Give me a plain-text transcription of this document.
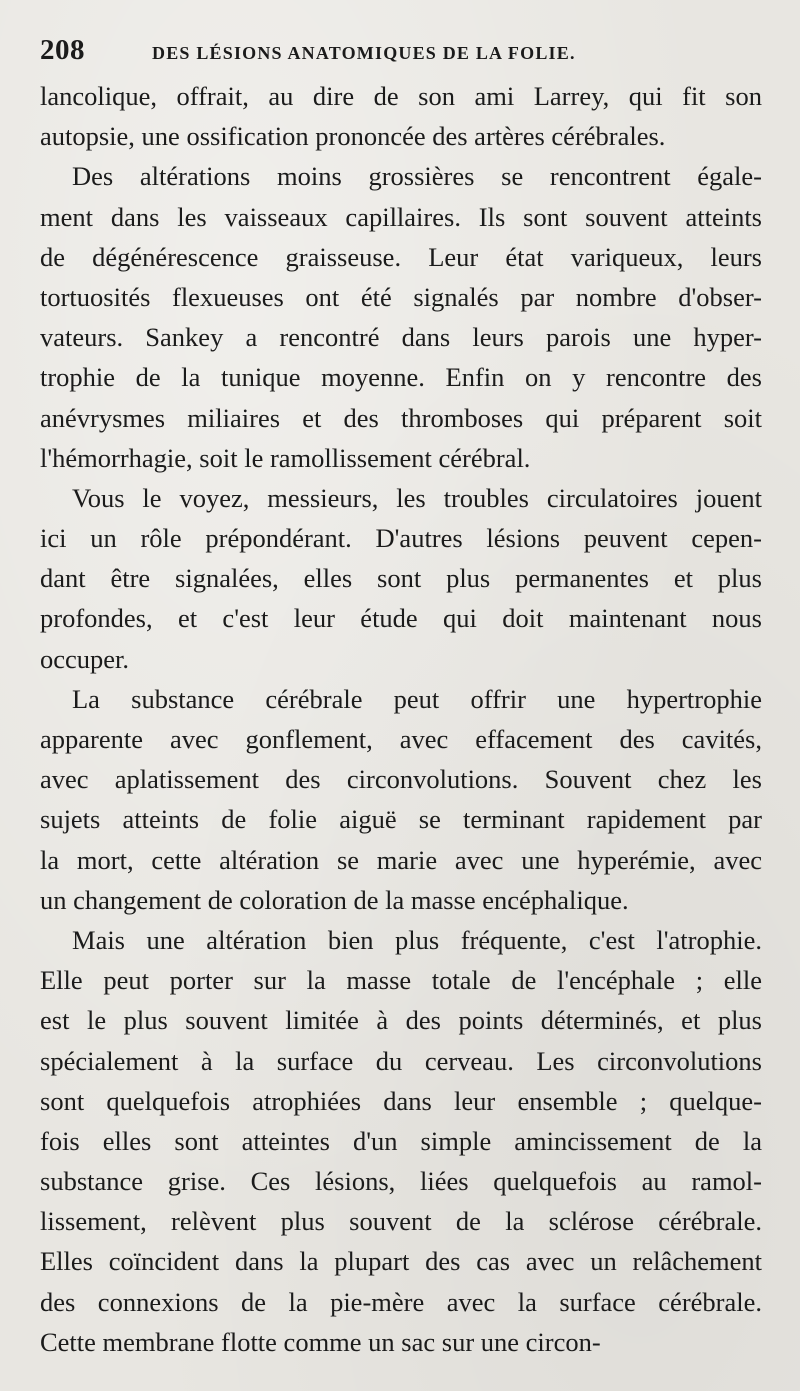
208	DES LÉSIONS ANATOMIQUES DE LA FOLIE.

lancolique, offrait, au dire de son ami Larrey, qui fit son
autopsie, une ossification prononcée des artères cérébrales.

Des altérations moins grossières se rencontrent égale-
ment dans les vaisseaux capillaires. Ils sont souvent atteints
de dégénérescence graisseuse. Leur état variqueux, leurs
tortuosités flexueuses ont été signalés par nombre d'obser-
vateurs. Sankey a rencontré dans leurs parois une hyper-
trophie de la tunique moyenne. Enfin on y rencontre des
anévrysmes miliaires et des thromboses qui préparent soit
l'hémorrhagie, soit le ramollissement cérébral.

Vous le voyez, messieurs, les troubles circulatoires jouent
ici un rôle prépondérant. D'autres lésions peuvent cepen-
dant être signalées, elles sont plus permanentes et plus
profondes, et c'est leur étude qui doit maintenant nous
occuper.

La substance cérébrale peut offrir une hypertrophie
apparente avec gonflement, avec effacement des cavités,
avec aplatissement des circonvolutions. Souvent chez les
sujets atteints de folie aiguë se terminant rapidement par
la mort, cette altération se marie avec une hyperémie, avec
un changement de coloration de la masse encéphalique.

Mais une altération bien plus fréquente, c'est l'atrophie.
Elle peut porter sur la masse totale de l'encéphale ; elle
est le plus souvent limitée à des points déterminés, et plus
spécialement à la surface du cerveau. Les circonvolutions
sont quelquefois atrophiées dans leur ensemble ; quelque-
fois elles sont atteintes d'un simple amincissement de la
substance grise. Ces lésions, liées quelquefois au ramol-
lissement, relèvent plus souvent de la sclérose cérébrale.
Elles coïncident dans la plupart des cas avec un relâchement
des connexions de la pie-mère avec la surface cérébrale.
Cette membrane flotte comme un sac sur une circon-
